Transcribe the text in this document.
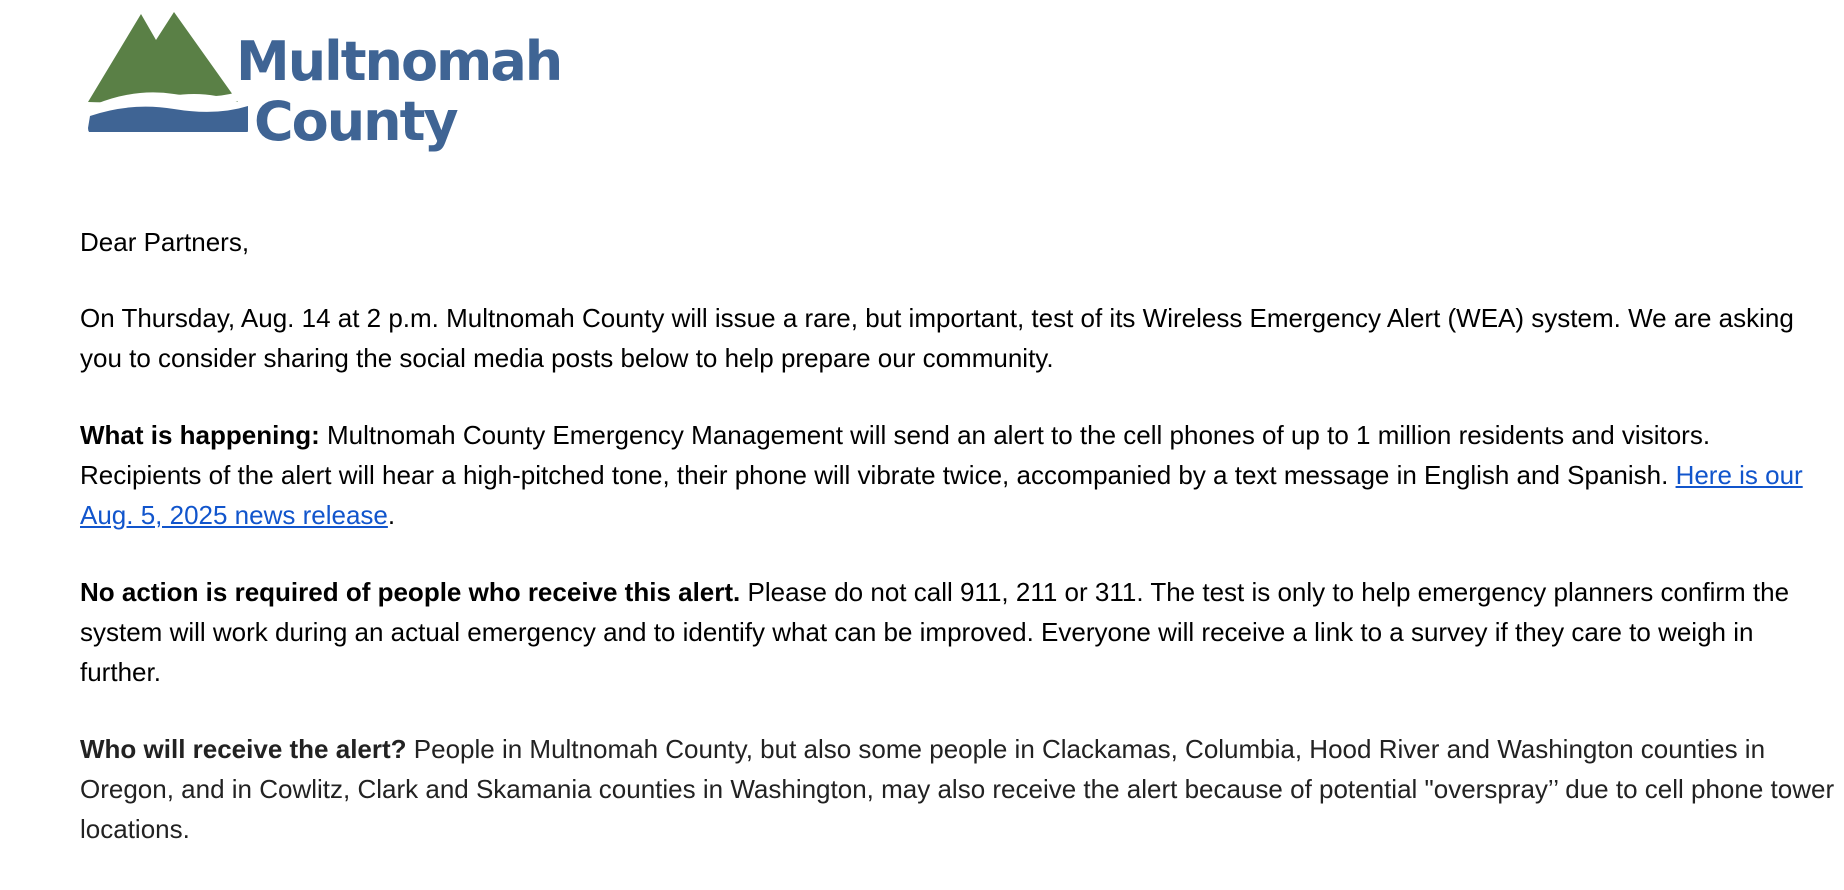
Multnomah
County

Dear Partners,

On Thursday, Aug. 14 at 2 p.m. Multnomah County will issue a rare, but important, test of its Wireless Emergency Alert (WEA) system. We are asking you to consider sharing the social media posts below to help prepare our community.

What is happening: Multnomah County Emergency Management will send an alert to the cell phones of up to 1 million residents and visitors. Recipients of the alert will hear a high-pitched tone, their phone will vibrate twice, accompanied by a text message in English and Spanish. Here is our Aug. 5, 2025 news release.

No action is required of people who receive this alert. Please do not call 911, 211 or 311. The test is only to help emergency planners confirm the system will work during an actual emergency and to identify what can be improved. Everyone will receive a link to a survey if they care to weigh in further.

Who will receive the alert? People in Multnomah County, but also some people in Clackamas, Columbia, Hood River and Washington counties in Oregon, and in Cowlitz, Clark and Skamania counties in Washington, may also receive the alert because of potential "overspray’’ due to cell phone tower locations.
